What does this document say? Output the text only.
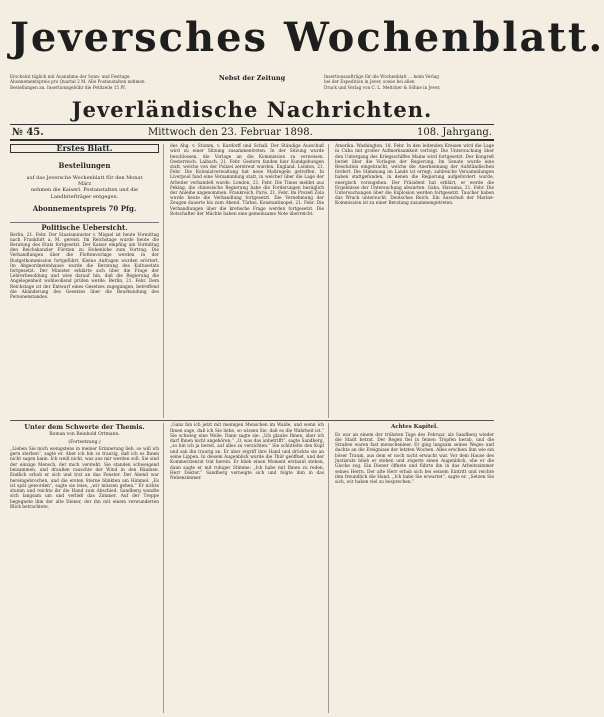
Jeversches Wochenblatt.
Erscheint täglich mit Ausnahme der Sonn- und Festtage.
Abonnementspreis pro Quartal 2 M. Alle Postanstalten nehmen
Bestellungen an. Insertionsgebühr die Petitzeile 15 Pf.
Nebst der Zeitung	Insertionsaufträge für die Wochenblatt ... beim Verlag
bei der Expedition in Jever, sowie bei allen
Druck und Verlag von C. L. Mettcker & Söhne in Jever.
Jeverländische Nachrichten.
№ 45.	Mittwoch den 23. Februar 1898.	108. Jahrgang.
Erstes Blatt.

Bestellungen

auf das Jeversche Wochenblatt für den Monat
März
nehmen die Kaiserl. Postanstalten und die Landbriefträger entgegen.

Abonnementspreis 70 Pfg.

Politische Uebersicht.
Berlin, 21. Febr. Der Staatsminister v. Miquel ist heute Vormittag nach Frankfurt a. M. gereist. Im Reichstage wurde heute die Beratung des Etats fortgesetzt. Der Kaiser empfing am Vormittag den Reichskanzler Fürsten zu Hohenlohe zum Vortrag. Die Verhandlungen über die Flottenvorlage werden in der Budgetkommission fortgeführt. Kleine Anfragen wurden erörtert. Im Abgeordnetenhause wurde die Beratung des Kultusetats fortgesetzt. Der Minister erklärte sich über die Frage der Lehrerbesoldung und wies darauf hin, daß die Regierung die Angelegenheit wohlwollend prüfen werde. Berlin, 21. Febr. Dem Reichstage ist der Entwurf eines Gesetzes zugegangen, betreffend die Abänderung des Gesetzes über die Beurkundung des Personenstandes.
des Abg. v. Stumm, v. Kardorff und Schall. Der Ständige Ausschuß wird zu einer Sitzung zusammentreten. In der Sitzung wurde beschlossen, die Vorlage an die Kommission zu verweisen. Oesterreich. Laibach, 21. Febr. Gestern fanden hier Kundgebungen statt, welche von der Polizei zerstreut wurden. England. London, 21. Febr. Die Kolonialverwaltung hat neue Maßregeln getroffen. In Liverpool fand eine Versammlung statt, in welcher über die Lage der Arbeiter verhandelt wurde. London, 21. Febr. Die Times meldet aus Peking, die chinesische Regierung habe die Forderungen bezüglich der Anleihe angenommen. Frankreich. Paris, 21. Febr. Im Prozeß Zola wurde heute die Verhandlung fortgesetzt. Die Vernehmung der Zeugen dauerte bis zum Abend. Türkei. Konstantinopel, 21. Febr. Die Verhandlungen über die kretische Frage werden fortgesetzt. Die Botschafter der Mächte haben eine gemeinsame Note überreicht.
Amerika. Washington, 18. Febr. In den leitenden Kreisen wird die Lage in Cuba mit großer Aufmerksamkeit verfolgt. Die Untersuchung über den Untergang des Kriegsschiffes Maine wird fortgesetzt. Der Kongreß beriet über die Vorlagen der Regierung. Im Senate wurde eine Resolution eingebracht, welche die Anerkennung der Aufständischen fordert. Die Stimmung im Lande ist erregt; zahlreiche Versammlungen haben stattgefunden, in denen die Regierung aufgefordert wurde, energisch vorzugehen. Der Präsident hat erklärt, er werde die Ergebnisse der Untersuchung abwarten. Gaba, Havanna, 21. Febr. Die Untersuchungen über die Explosion werden fortgesetzt. Taucher haben das Wrack untersucht. Deutsches Reich. Ein Ausschuß der Marine-Kommission ist zu einer Beratung zusammengetreten.
Unter dem Schwerte der Themis.
Roman von Reinhold Ortmann.
(Fortsetzung.)
„Lieben Sie mich wenigstens in meiner Erinnerung lieb, so will ich gern sterben“, sagte er. Aber ich bin so traurig, daß ich es Ihnen nicht sagen kann. Ich weiß nicht, was aus mir werden soll. Sie sind der einzige Mensch, der mich versteht. Sie standen schweigend beisammen, und draußen rauschte der Wind in den Bäumen. Endlich erhob er sich und trat an das Fenster. Der Abend war hereingebrochen, und die ersten Sterne blinkten am Himmel. „Es ist spät geworden“, sagte sie leise, „wir müssen gehen.“ Er nickte stumm und reichte ihr die Hand zum Abschied. Sandberg wandte sich langsam um und verließ das Zimmer. Auf der Treppe begegnete ihm der alte Diener, der ihn mit einem verwunderten Blick betrachtete.
„Ganz bin ich jetzt mit meinigen Menschen im Walde, und wenn ich Ihnen sage, daß ich Sie liebe, so wissen Sie, daß es die Wahrheit ist.“ Sie schwieg eine Weile. Dann sagte sie: „Ich glaube Ihnen, aber ich darf Ihnen nicht angehören.“ „O, was das anbetrifft“, sagte Sandberg, „so bin ich ja bereit, auf alles zu verzichten.“ Sie schüttelte den Kopf und sah ihn traurig an. Er aber ergriff ihre Hand und drückte sie an seine Lippen. In diesem Augenblick wurde die Thür geöffnet, und der Kommerzienrat trat herein. Er blieb einen Moment erstaunt stehen, dann sagte er mit ruhiger Stimme: „Ich habe mit Ihnen zu reden, Herr Doktor.“ Sandberg verneigte sich und folgte ihm in das Nebenzimmer.
Achtes Kapitel.
Es war an einem der trübsten Tage des Februar, als Sandberg wieder die Stadt betrat. Der Regen fiel in feinen Tropfen herab, und die Straßen waren fast menschenleer. Er ging langsam seines Weges und dachte an die Ereignisse der letzten Wochen. Alles erschien ihm wie ein böser Traum, aus dem er noch nicht erwacht war. Vor dem Hause des Justizrats blieb er stehen und zögerte einen Augenblick, ehe er die Glocke zog. Ein Diener öffnete und führte ihn in das Arbeitszimmer seines Herrn. Der alte Herr erhob sich bei seinem Eintritt und reichte ihm freundlich die Hand. „Ich habe Sie erwartet“, sagte er. „Setzen Sie sich, wir haben viel zu besprechen.“
